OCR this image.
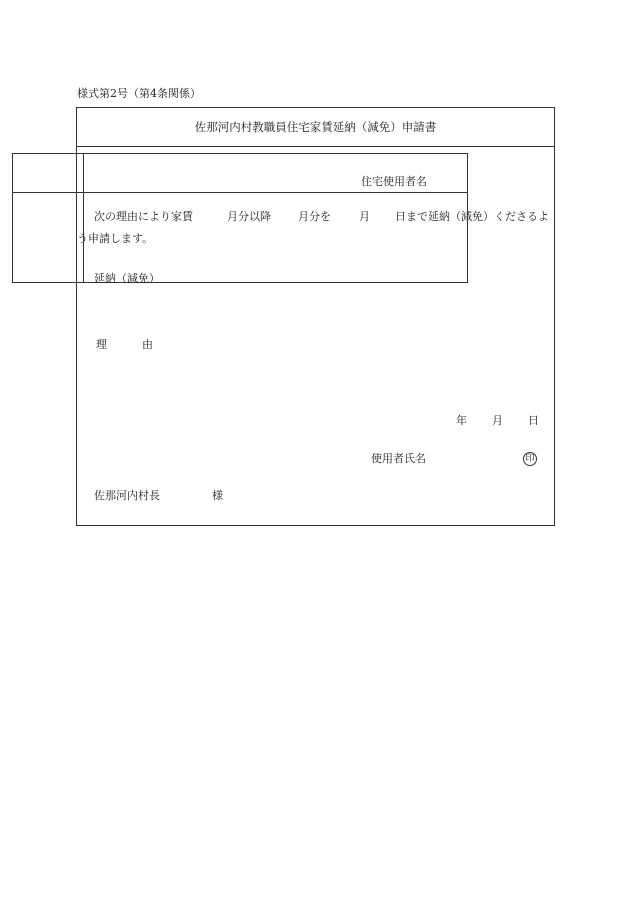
様式第2号（第4条関係）
佐那河内村教職員住宅家賃延納（減免）申請書
住宅使用者名
次の理由により家賃	月分以降 月分を	月 日まで延納（減免）くださるよ
う申請します。
延納（減免）
理	由
年 月 日
使用者氏名	印
佐那河内村長	様
